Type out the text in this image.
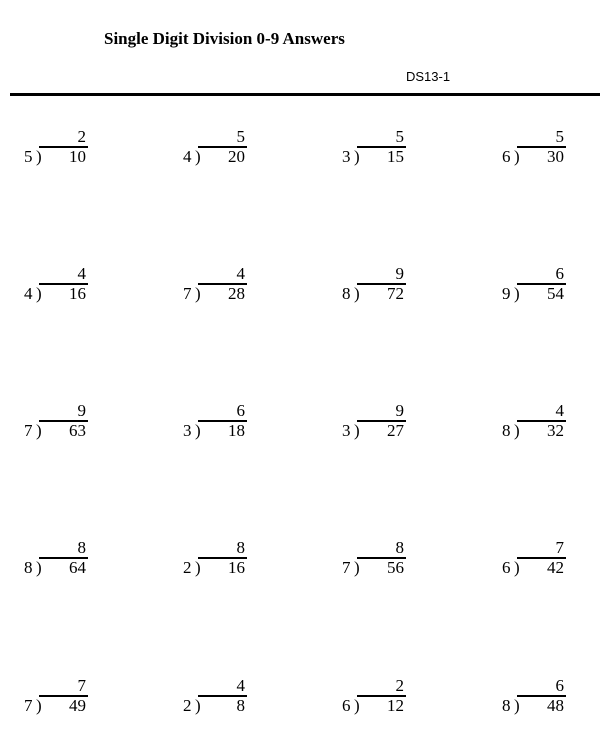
Single Digit Division 0-9 Answers
DS13-1
2
5 ) 10
5
4 ) 20
5
3 ) 15
5
6 ) 30
4
4 ) 16
4
7 ) 28
9
8 ) 72
6
9 ) 54
9
7 ) 63
6
3 ) 18
9
3 ) 27
4
8 ) 32
8
8 ) 64
8
2 ) 16
8
7 ) 56
7
6 ) 42
7
7 ) 49
4
2 ) 8
2
6 ) 12
6
8 ) 48
